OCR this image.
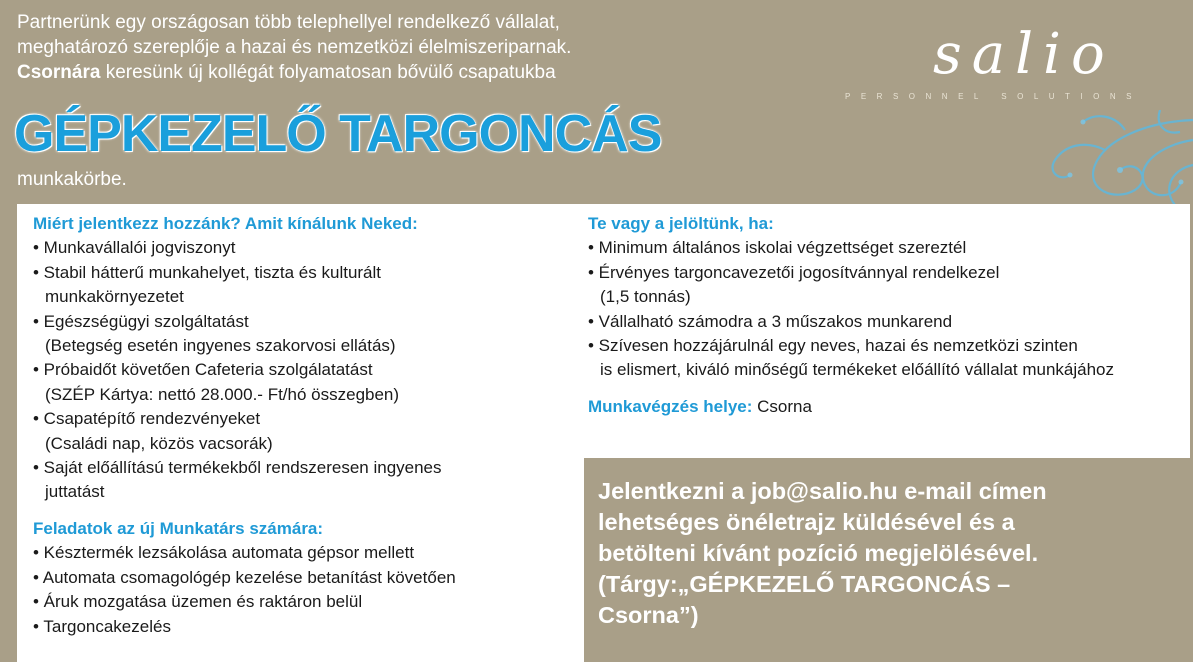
Partnerünk egy országosan több telephellyel rendelkező vállalat,
meghatározó szereplője a hazai és nemzetközi élelmiszeriparnak.
Csornára keresünk új kollégát folyamatosan bővülő csapatukba
GÉPKEZELŐ TARGONCÁS
munkakörbe.
salio
PERSONNEL SOLUTIONS
Miért jelentkezz hozzánk? Amit kínálunk Neked:
• Munkavállalói jogviszonyt
• Stabil hátterű munkahelyet, tiszta és kulturált
munkakörnyezetet
• Egészségügyi szolgáltatást
(Betegség esetén ingyenes szakorvosi ellátás)
• Próbaidőt követően Cafeteria szolgálatatást
(SZÉP Kártya: nettó 28.000.- Ft/hó összegben)
• Csapatépítő rendezvényeket
(Családi nap, közös vacsorák)
• Saját előállítású termékekből rendszeresen ingyenes
juttatást
Feladatok az új Munkatárs számára:
• Késztermék lezsákolása automata gépsor mellett
• Automata csomagológép kezelése betanítást követően
• Áruk mozgatása üzemen és raktáron belül
• Targoncakezelés
Te vagy a jelöltünk, ha:
• Minimum általános iskolai végzettséget szereztél
• Érvényes targoncavezetői jogosítvánnyal rendelkezel
(1,5 tonnás)
• Vállalható számodra a 3 műszakos munkarend
• Szívesen hozzájárulnál egy neves, hazai és nemzetközi szinten
is elismert, kiváló minőségű termékeket előállító vállalat munkájához
Munkavégzés helye: Csorna
Jelentkezni a job@salio.hu e-mail címen
lehetséges önéletrajz küldésével és a
betölteni kívánt pozíció megjelölésével.
(Tárgy:„GÉPKEZELŐ TARGONCÁS –
Csorna”)
